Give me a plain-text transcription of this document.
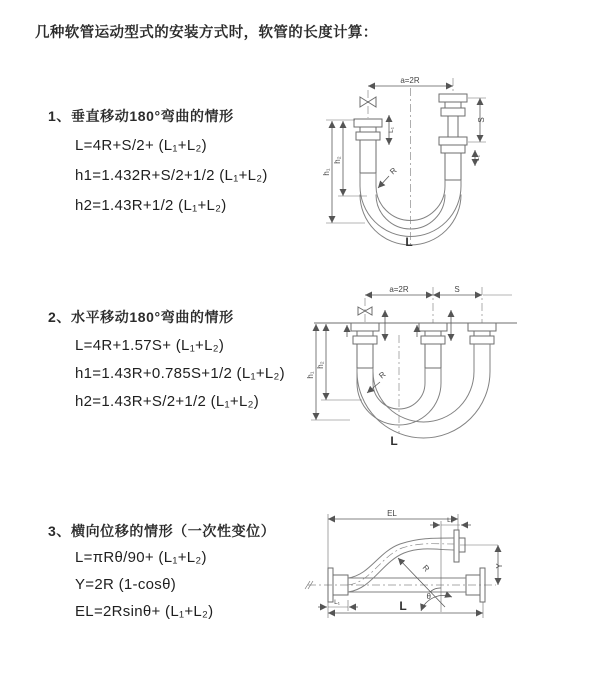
几种软管运动型式的安装方式时，软管的长度计算：
1、垂直移动180°弯曲的情形
L=4R+S/2+ (L₁+L₂)
h1=1.432R+S/2+1/2 (L₁+L₂)
h2=1.43R+1/2 (L₁+L₂)
2、水平移动180°弯曲的情形
L=4R+1.57S+ (L₁+L₂)
h1=1.43R+0.785S+1/2 (L₁+L₂)
h2=1.43R+S/2+1/2 (L₁+L₂)
3、横向位移的情形（一次性变位）
L=πRθ/90+ (L₁+L₂)
Y=2R (1-cosθ)
EL=2Rsinθ+ (L₁+L₂)
a=2R
L₁
S
L₁
h₁
h₂
R
L
a=2R	S
h₁
h₂
R
L
EL
L₁
Y
R
θ
L
L₁
